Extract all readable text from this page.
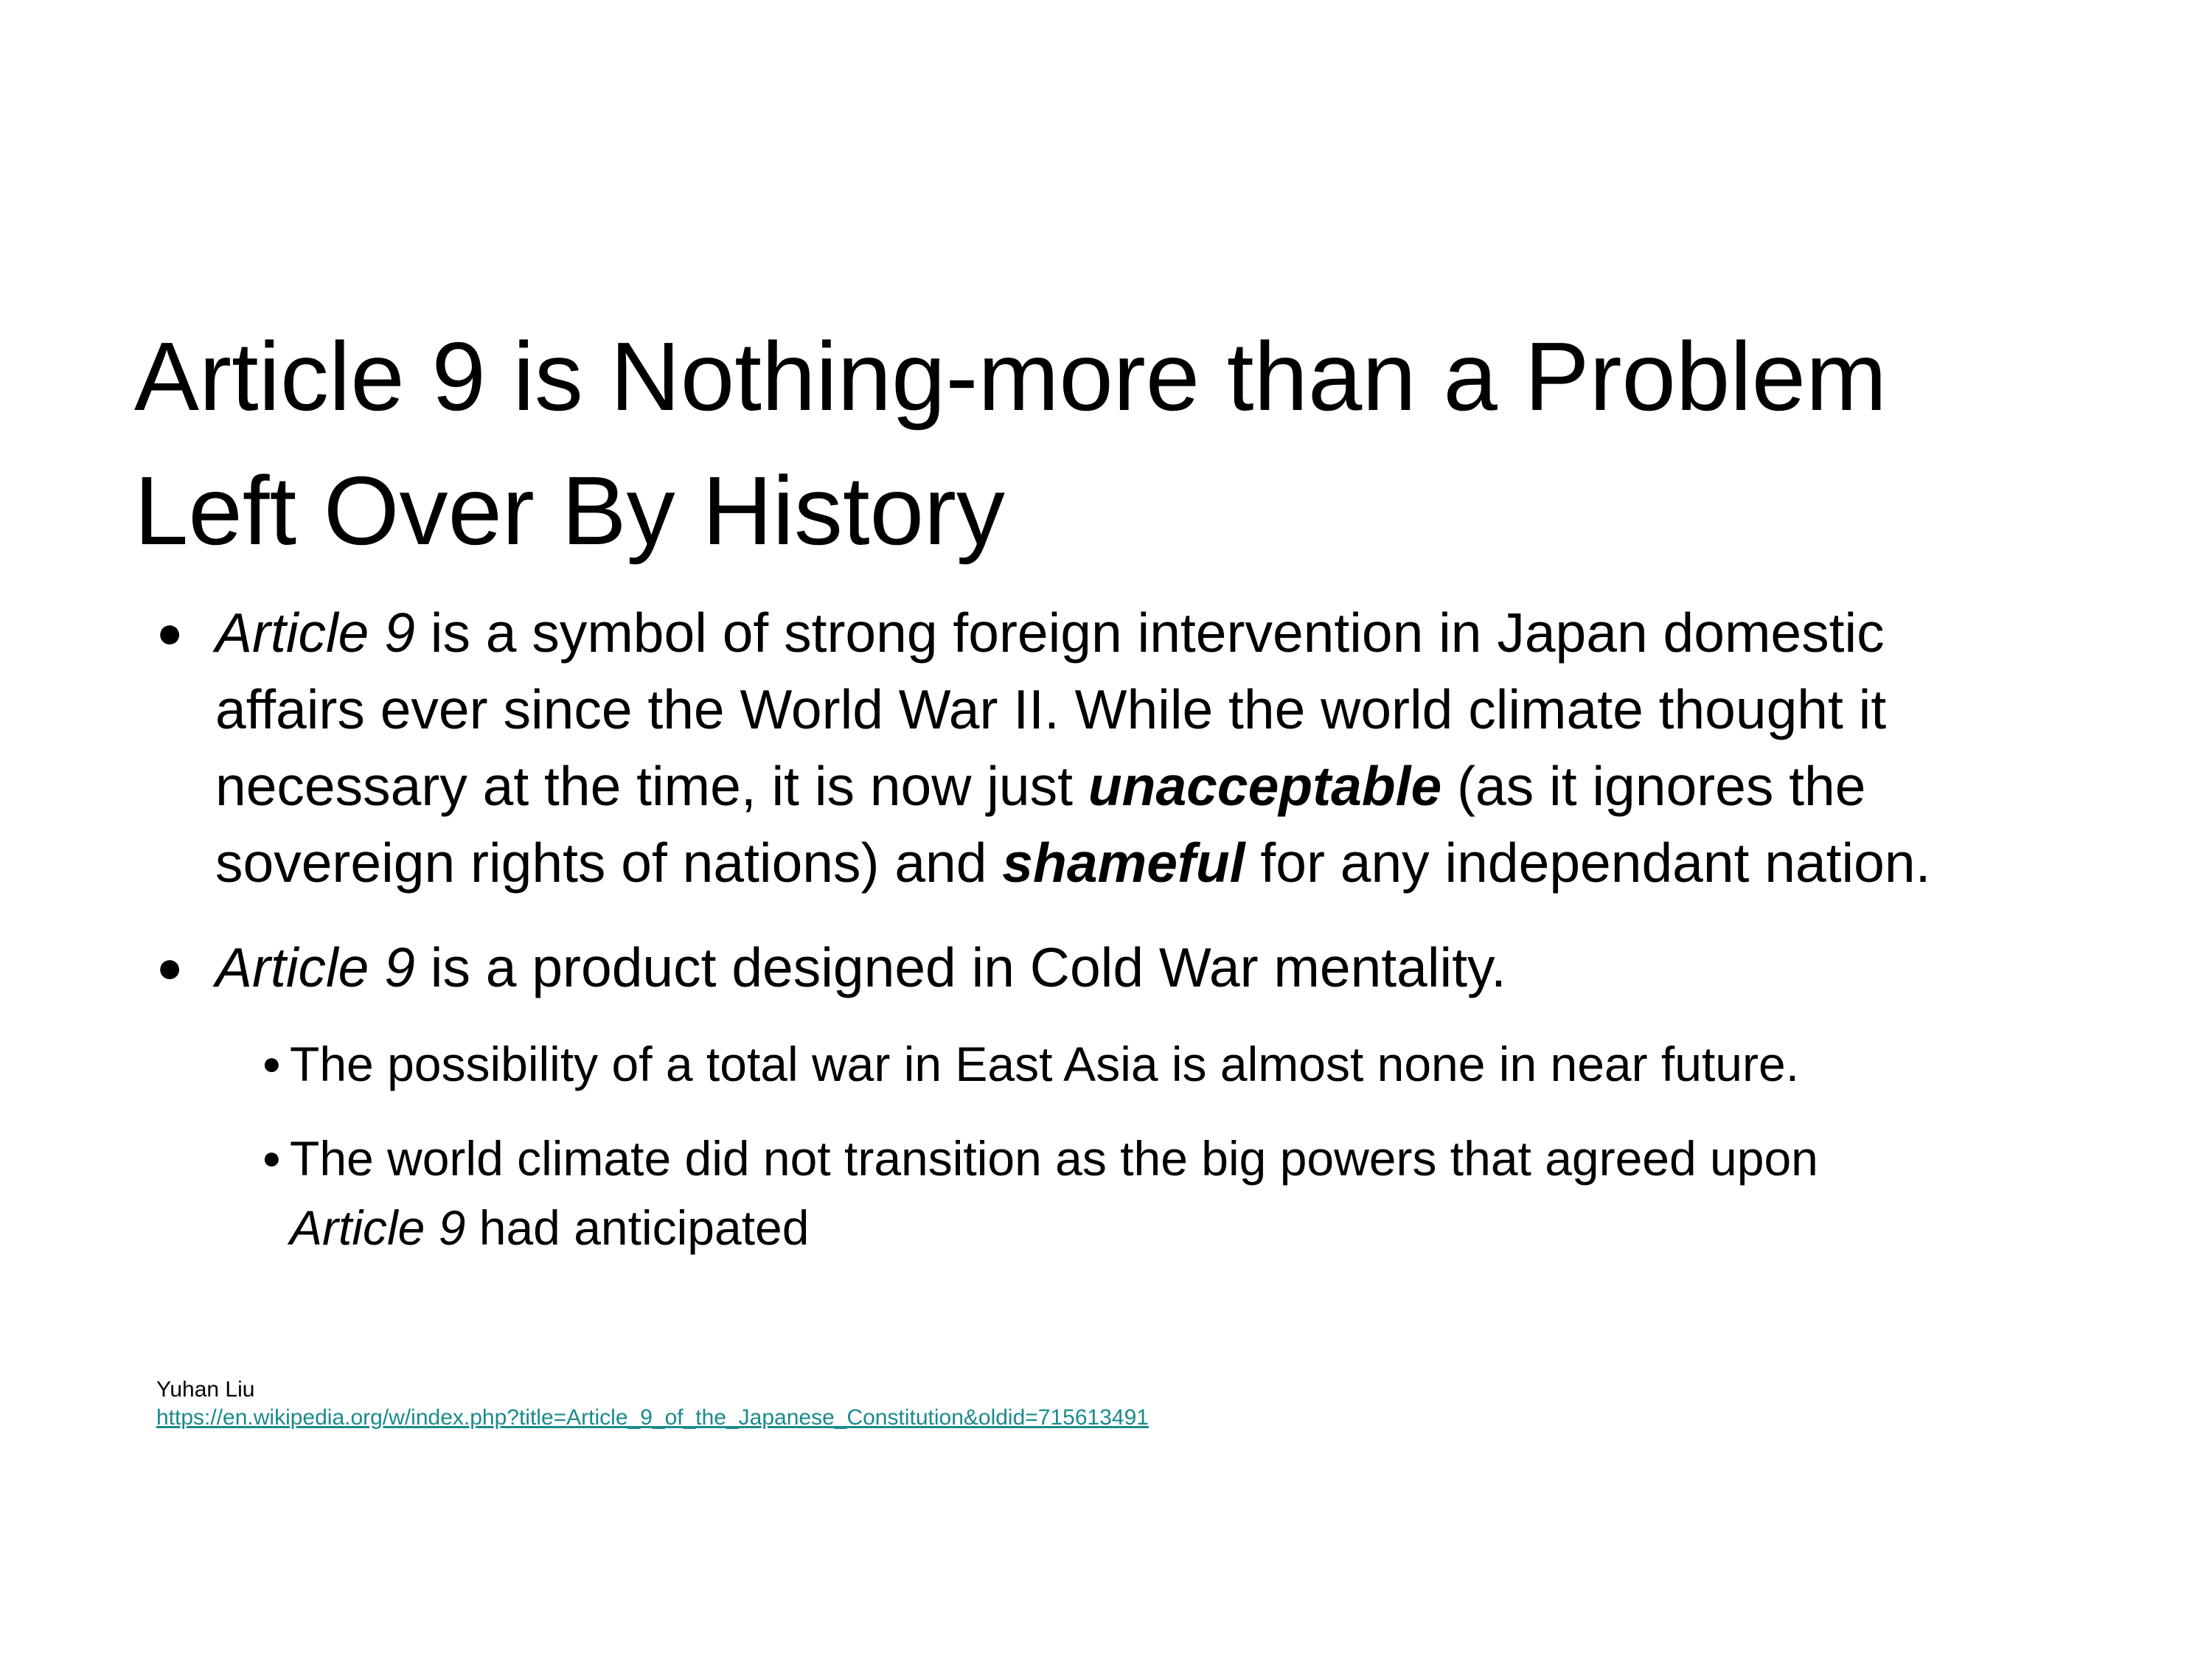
Article 9 is Nothing-more than a Problem
Left Over By History
● Article 9 is a symbol of strong foreign intervention in Japan domestic
affairs ever since the World War II. While the world climate thought it
necessary at the time, it is now just unacceptable (as it ignores the
sovereign rights of nations) and shameful for any independant nation.
● Article 9 is a product designed in Cold War mentality.
● The possibility of a total war in East Asia is almost none in near future.
● The world climate did not transition as the big powers that agreed upon
Article 9 had anticipated
Yuhan Liu
https://en.wikipedia.org/w/index.php?title=Article_9_of_the_Japanese_Constitution&oldid=715613491
